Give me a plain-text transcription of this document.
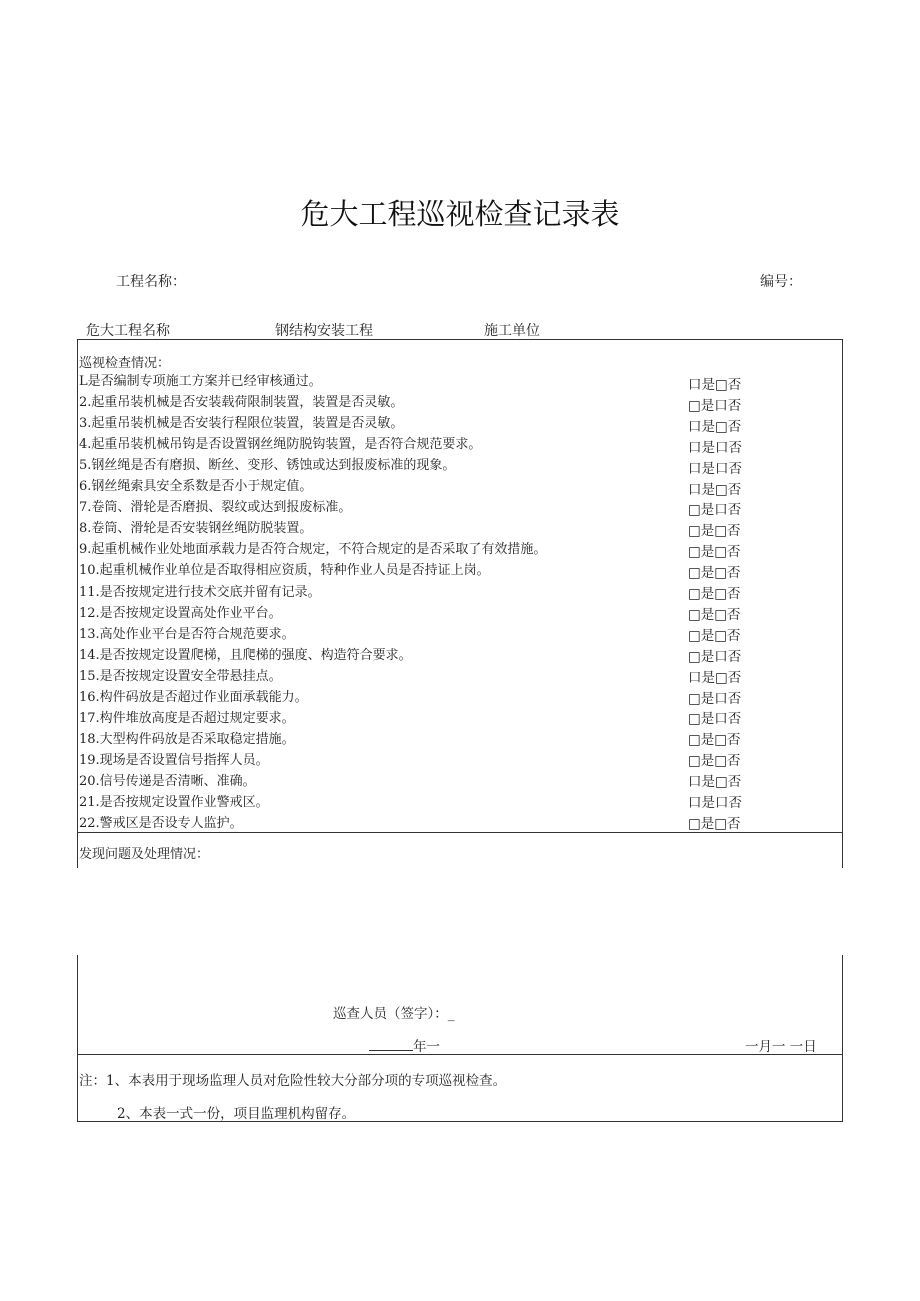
危大工程巡视检查记录表
工程名称：	编号：
危大工程名称	钢结构安装工程	施工单位
巡视检查情况：
L是否编制专项施工方案并已经审核通过。	口是□否
2.起重吊装机械是否安装载荷限制装置，装置是否灵敏。	□是口否
3.起重吊装机械是否安装行程限位装置，装置是否灵敏。	口是□否
4.起重吊装机械吊钩是否设置钢丝绳防脱钩装置，是否符合规范要求。	口是口否
5.钢丝绳是否有磨损、断丝、变形、锈蚀或达到报废标准的现象。	口是口否
6.钢丝绳索具安全系数是否小于规定值。	口是□否
7.卷筒、滑轮是否磨损、裂纹或达到报废标准。	□是口否
8.卷筒、滑轮是否安装钢丝绳防脱装置。	□是□否
9.起重机械作业处地面承载力是否符合规定，不符合规定的是否采取了有效措施。	□是□否
10.起重机械作业单位是否取得相应资质，特种作业人员是否持证上岗。	□是□否
11.是否按规定进行技术交底并留有记录。	□是□否
12.是否按规定设置高处作业平台。	□是□否
13.高处作业平台是否符合规范要求。	□是□否
14.是否按规定设置爬梯，且爬梯的强度、构造符合要求。	□是口否
15.是否按规定设置安全带悬挂点。	口是□否
16.构件码放是否超过作业面承载能力。	□是口否
17.构件堆放高度是否超过规定要求。	□是口否
18.大型构件码放是否采取稳定措施。	□是□否
19.现场是否设置信号指挥人员。	□是□否
20.信号传递是否清晰、准确。	口是□否
21.是否按规定设置作业警戒区。	口是口否
22.警戒区是否设专人监护。	□是□否
发现问题及处理情况：
巡查人员（签字）：_
年一	一月一 一日
注：1、本表用于现场监理人员对危险性较大分部分项的专项巡视检查。
2、本表一式一份，项目监理机构留存。
